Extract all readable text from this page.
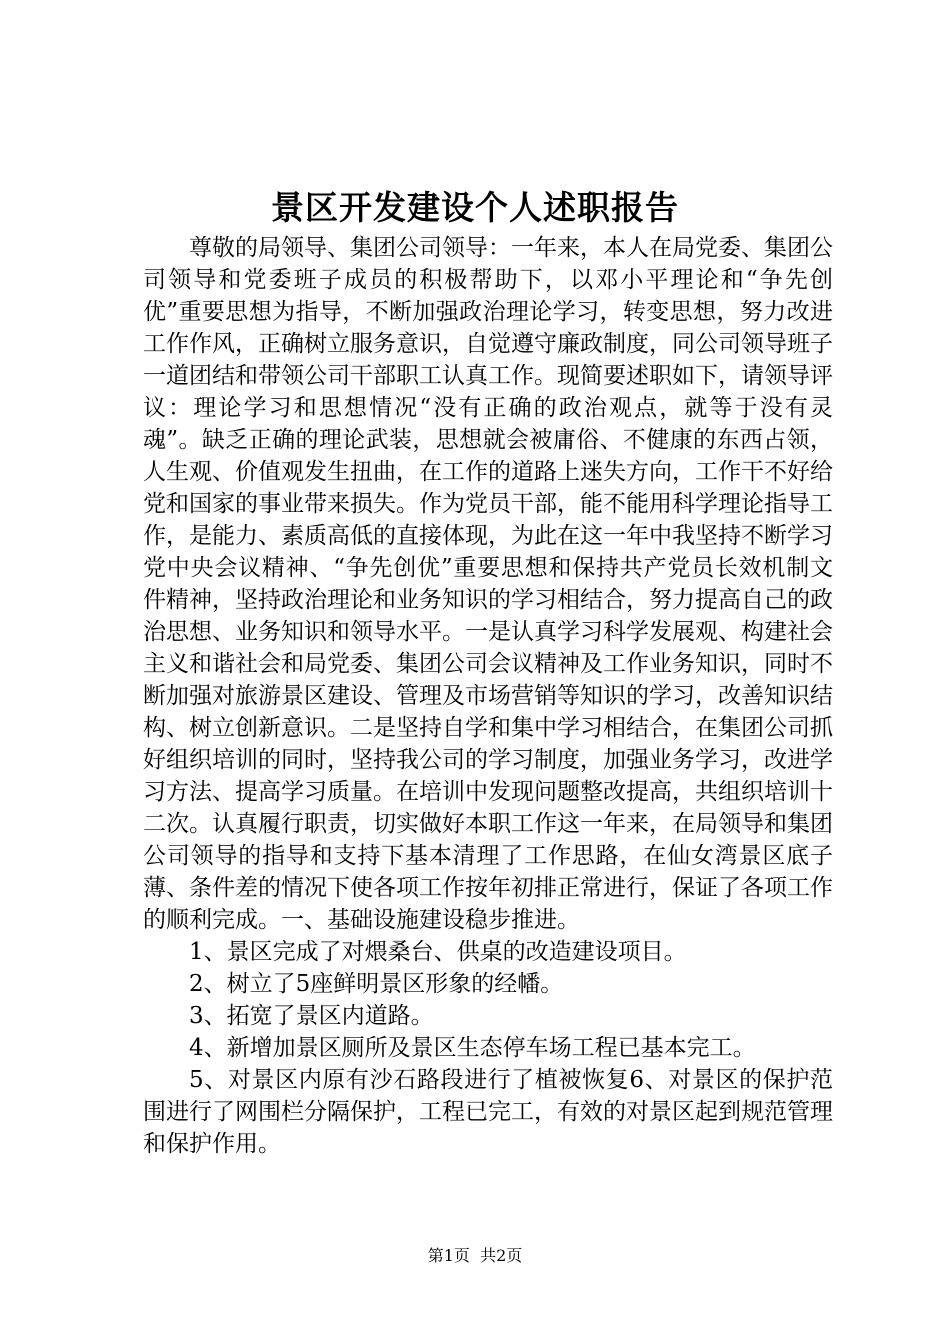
景区开发建设个人述职报告

尊敬的局领导、集团公司领导：一年来，本人在局党委、集团公司领导和党委班子成员的积极帮助下，以邓小平理论和“争先创优”重要思想为指导，不断加强政治理论学习，转变思想，努力改进工作作风，正确树立服务意识，自觉遵守廉政制度，同公司领导班子一道团结和带领公司干部职工认真工作。现简要述职如下，请领导评议：理论学习和思想情况“没有正确的政治观点，就等于没有灵魂”。缺乏正确的理论武装，思想就会被庸俗、不健康的东西占领，人生观、价值观发生扭曲，在工作的道路上迷失方向，工作干不好给党和国家的事业带来损失。作为党员干部，能不能用科学理论指导工作，是能力、素质高低的直接体现，为此在这一年中我坚持不断学习党中央会议精神、“争先创优”重要思想和保持共产党员长效机制文件精神，坚持政治理论和业务知识的学习相结合，努力提高自己的政治思想、业务知识和领导水平。一是认真学习科学发展观、构建社会主义和谐社会和局党委、集团公司会议精神及工作业务知识，同时不断加强对旅游景区建设、管理及市场营销等知识的学习，改善知识结构、树立创新意识。二是坚持自学和集中学习相结合，在集团公司抓好组织培训的同时，坚持我公司的学习制度，加强业务学习，改进学习方法、提高学习质量。在培训中发现问题整改提高，共组织培训十二次。认真履行职责，切实做好本职工作这一年来，在局领导和集团公司领导的指导和支持下基本清理了工作思路，在仙女湾景区底子薄、条件差的情况下使各项工作按年初排正常进行，保证了各项工作的顺利完成。一、基础设施建设稳步推进。

1、景区完成了对煨桑台、供桌的改造建设项目。

2、树立了5座鲜明景区形象的经幡。

3、拓宽了景区内道路。

4、新增加景区厕所及景区生态停车场工程已基本完工。

5、对景区内原有沙石路段进行了植被恢复6、对景区的保护范围进行了网围栏分隔保护，工程已完工，有效的对景区起到规范管理和保护作用。

第1页  共2页
